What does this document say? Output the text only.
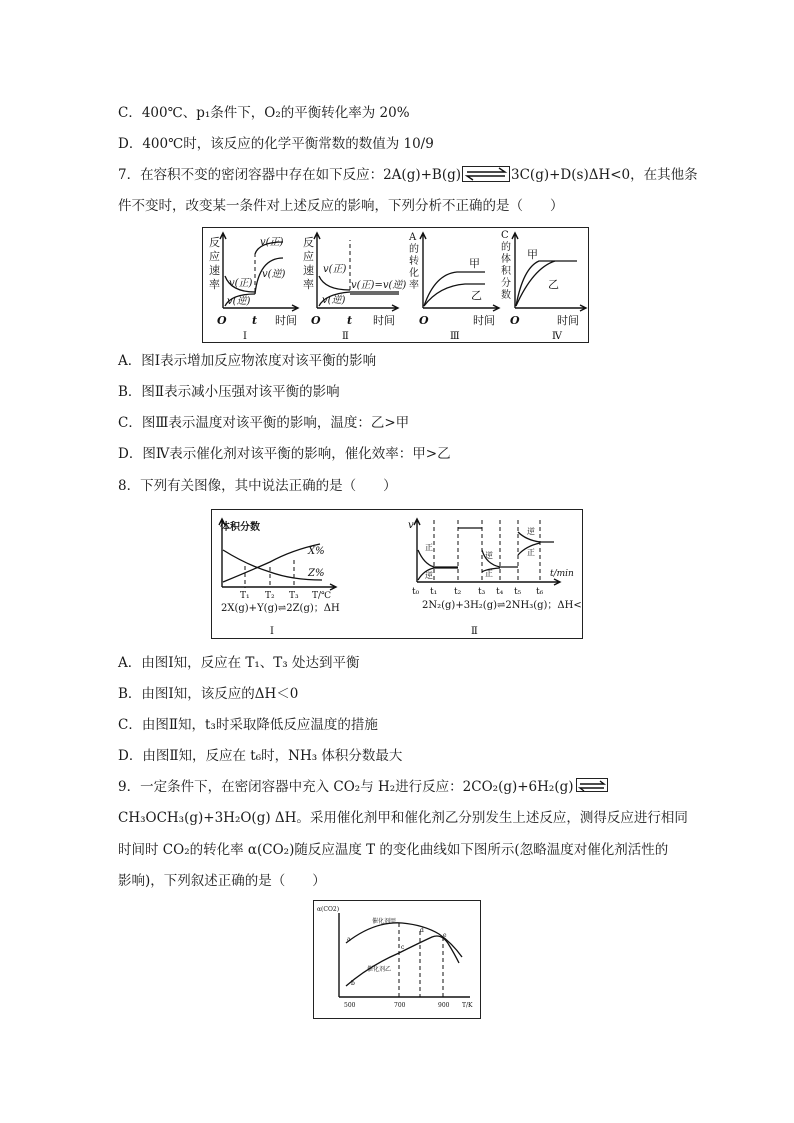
C．400℃、p₁条件下，O₂的平衡转化率为 20%
D．400℃时，该反应的化学平衡常数的数值为 10/9
7．在容积不变的密闭容器中存在如下反应：2A(g)+B(g)	3C(g)+D(s)ΔH<0，在其他条
件不变时，改变某一条件对上述反应的影响，下列分析不正确的是（　　）
反
应
速
率 v(正)
v(逆)
v(正)
v(逆)
O t 时间
Ⅰ
反
应
速
率
v(正)
v(逆)
v(正)=v(逆)
O t 时间
Ⅱ
A
的
转
化
率
甲
乙
O	时间
Ⅲ
C
的
体
积
分
数
甲
乙
O	时间
Ⅳ
A．图Ⅰ表示增加反应物浓度对该平衡的影响
B．图Ⅱ表示减小压强对该平衡的影响
C．图Ⅲ表示温度对该平衡的影响，温度：乙>甲
D．图Ⅳ表示催化剂对该平衡的影响，催化效率：甲>乙
8．下列有关图像，其中说法正确的是（　　）
体积分数
X%
Z%
T₁ T₂ T₃ T/℃
2X(g)+Y(g)⇌2Z(g)；ΔH
Ⅰ
v
正
逆
逆
正
逆
正
t₀ t₁ t₂ t₃ t₄ t₅ t₆
t/min
2N₂(g)+3H₂(g)⇌2NH₃(g)；ΔH<0
Ⅱ
A．由图Ⅰ知，反应在 T₁、T₃ 处达到平衡
B．由图Ⅰ知，该反应的ΔH＜0
C．由图Ⅱ知，t₃时采取降低反应温度的措施
D．由图Ⅱ知，反应在 t₆时，NH₃ 体积分数最大
9．一定条件下，在密闭容器中充入 CO₂与 H₂进行反应：2CO₂(g)+6H₂(g)
CH₃OCH₃(g)+3H₂O(g) ΔH。采用催化剂甲和催化剂乙分别发生上述反应，测得反应进行相同
时间时 CO₂的转化率 α(CO₂)随反应温度 T 的变化曲线如下图所示(忽略温度对催化剂活性的
影响)，下列叙述正确的是（　　）
α(CO2)
催化剂甲
催化剂乙
a
b
c
d
e
500	700	900 T/K
